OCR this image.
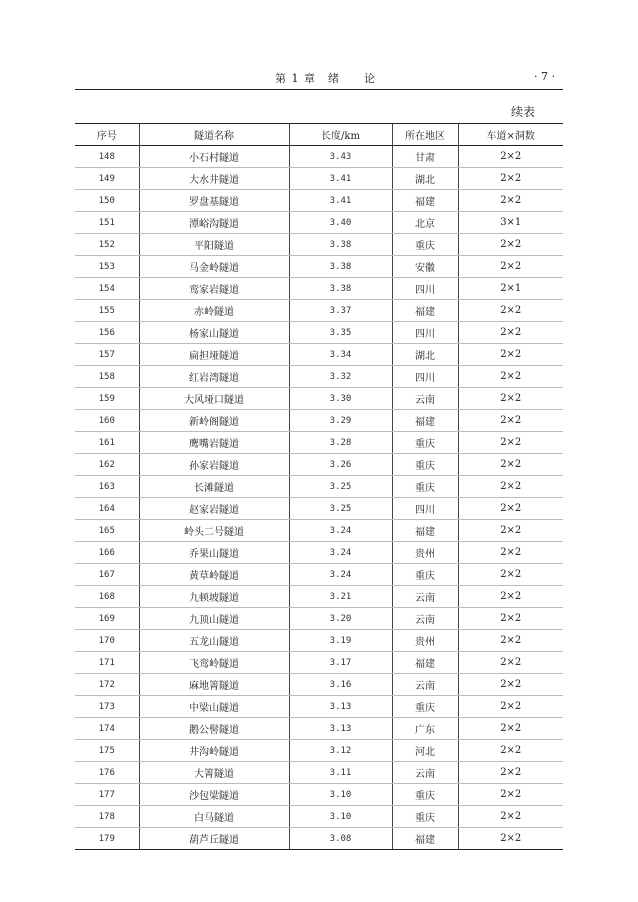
第 1 章　绪　　论	· 7 ·
续表
序号	隧道名称	长度/km	所在地区	车道×洞数
148	小石村隧道	3.43	甘肃	2×2
149	大水井隧道	3.41	湖北	2×2
150	罗盘基隧道	3.41	福建	2×2
151	潭峪沟隧道	3.40	北京	3×1
152	平阳隧道	3.38	重庆	2×2
153	马金岭隧道	3.38	安徽	2×2
154	鸾家岩隧道	3.38	四川	2×1
155	赤岭隧道	3.37	福建	2×2
156	杨家山隧道	3.35	四川	2×2
157	扁担垭隧道	3.34	湖北	2×2
158	红岩湾隧道	3.32	四川	2×2
159	大风垭口隧道	3.30	云南	2×2
160	新岭阁隧道	3.29	福建	2×2
161	鹰嘴岩隧道	3.28	重庆	2×2
162	孙家岩隧道	3.26	重庆	2×2
163	长滩隧道	3.25	重庆	2×2
164	赵家岩隧道	3.25	四川	2×2
165	岭头二号隧道	3.24	福建	2×2
166	乔果山隧道	3.24	贵州	2×2
167	黄草岭隧道	3.24	重庆	2×2
168	九顿坡隧道	3.21	云南	2×2
169	九顶山隧道	3.20	云南	2×2
170	五龙山隧道	3.19	贵州	2×2
171	飞鸾岭隧道	3.17	福建	2×2
172	麻地箐隧道	3.16	云南	2×2
173	中梁山隧道	3.13	重庆	2×2
174	鹅公髻隧道	3.13	广东	2×2
175	井沟岭隧道	3.12	河北	2×2
176	大箐隧道	3.11	云南	2×2
177	沙包梁隧道	3.10	重庆	2×2
178	白马隧道	3.10	重庆	2×2
179	葫芦丘隧道	3.08	福建	2×2
